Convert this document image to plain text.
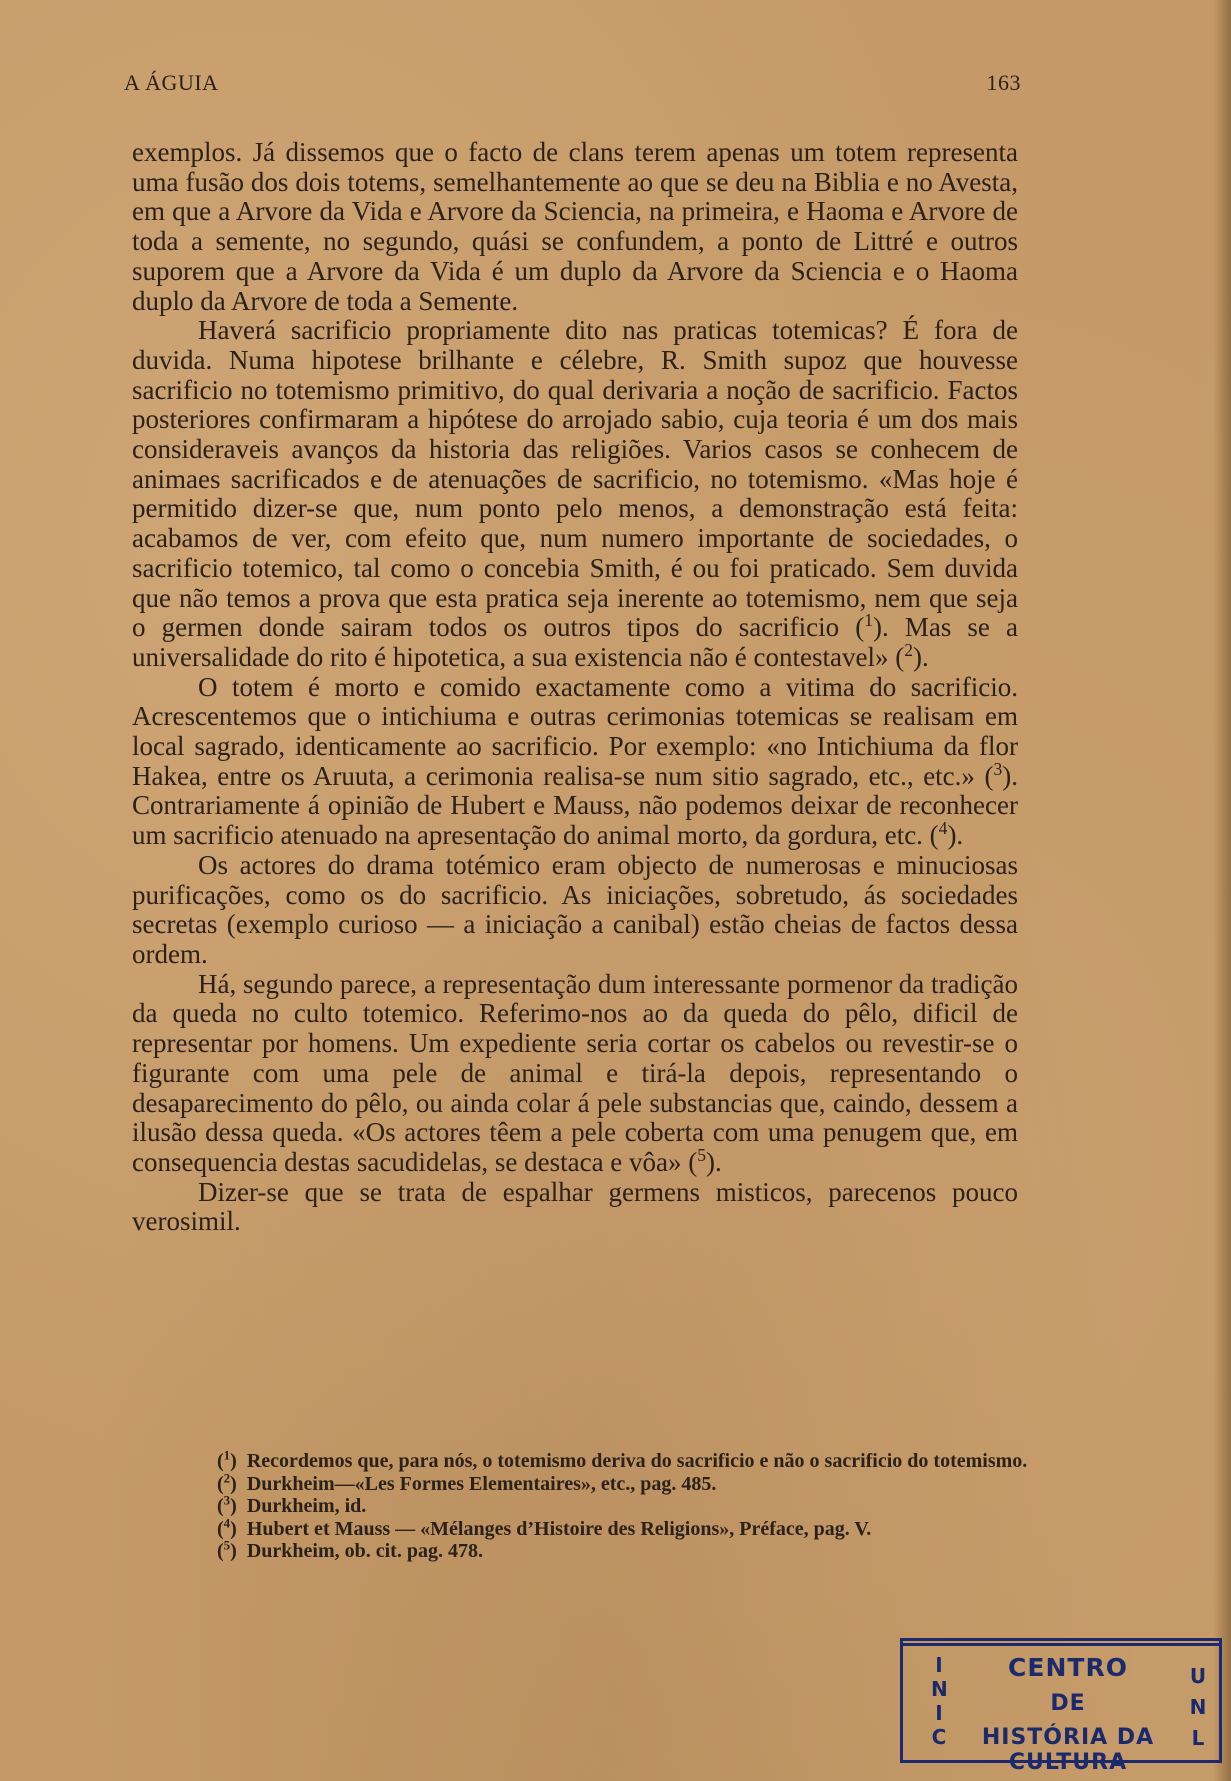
A ÁGUIA	163

exemplos. Já dissemos que o facto de clans terem apenas um totem representa uma fusão dos dois totems, semelhantemente ao que se deu na Biblia e no Avesta, em que a Arvore da Vida e Arvore da Sciencia, na primeira, e Haoma e Arvore de toda a semente, no segundo, quási se confundem, a ponto de Littré e outros suporem que a Arvore da Vida é um duplo da Arvore da Sciencia e o Haoma duplo da Arvore de toda a Semente.

Haverá sacrificio propriamente dito nas praticas totemicas? É fora de duvida. Numa hipotese brilhante e célebre, R. Smith supoz que houvesse sacrificio no totemismo primitivo, do qual derivaria a noção de sacrificio. Factos posteriores confirmaram a hipótese do arrojado sabio, cuja teoria é um dos mais consideraveis avanços da historia das religiões. Varios casos se conhecem de animaes sacrificados e de atenuações de sacrificio, no totemismo. «Mas hoje é permitido dizer-se que, num ponto pelo menos, a demonstração está feita: acabamos de ver, com efeito que, num numero importante de sociedades, o sacrificio totemico, tal como o concebia Smith, é ou foi praticado. Sem duvida que não temos a prova que esta pratica seja inerente ao totemismo, nem que seja o germen donde sairam todos os outros tipos do sacrificio ($^1$). Mas se a universalidade do rito é hipotetica, a sua existencia não é contestavel» ($^2$).

O totem é morto e comido exactamente como a vitima do sacrificio. Acrescentemos que o intichiuma e outras cerimonias totemicas se realisam em local sagrado, identicamente ao sacrificio. Por exemplo: «no Intichiuma da flor Hakea, entre os Aruuta, a cerimonia realisa-se num sitio sagrado, etc., etc.» ($^3$). Contrariamente á opinião de Hubert e Mauss, não podemos deixar de reconhecer um sacrificio atenuado na apresentação do animal morto, da gordura, etc. ($^4$).

Os actores do drama totémico eram objecto de numerosas e minuciosas purificações, como os do sacrificio. As iniciações, sobretudo, ás sociedades secretas (exemplo curioso — a iniciação a canibal) estão cheias de factos dessa ordem.

Há, segundo parece, a representação dum interessante pormenor da tradição da queda no culto totemico. Referimo-nos ao da queda do pêlo, dificil de representar por homens. Um expediente seria cortar os cabelos ou revestir-se o figurante com uma pele de animal e tirá-la depois, representando o desaparecimento do pêlo, ou ainda colar á pele substancias que, caindo, dessem a ilusão dessa queda. «Os actores têem a pele coberta com uma penugem que, em consequencia destas sacudidelas, se destaca e vôa» ($^5$).

Dizer-se que se trata de espalhar germens misticos, parecenos pouco verosimil.

($^1$)  Recordemos que, para nós, o totemismo deriva do sacrificio e não o sacrificio do totemismo.

($^2$)  Durkheim—«Les Formes Elementaires», etc., pag. 485.

($^3$)  Durkheim, id.

($^4$)  Hubert et Mauss — «Mélanges d’Histoire des Religions», Préface, pag. V.

($^5$)  Durkheim, ob. cit. pag. 478.

I
N
I
C
CENTRO
DE
HISTÓRIA DA CULTURA
U
N
L
